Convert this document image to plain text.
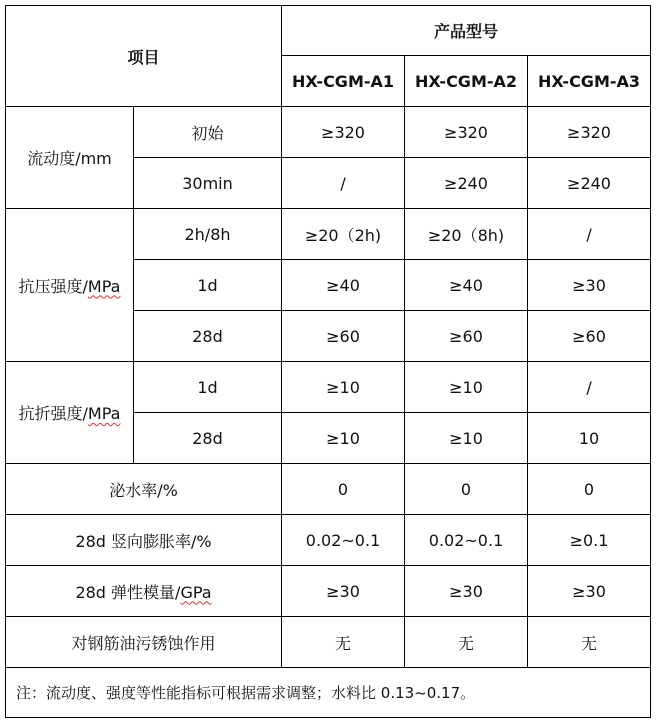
项目		产品型号		
		HX-CGM-A1	HX-CGM-A2	HX-CGM-A3
流动度/mm	初始	≥320	≥320	≥320
	30min	/	≥240	≥240
抗压强度/MPa	2h/8h	≥20（2h)	≥20（8h)	/
	1d	≥40	≥40	≥30
	28d	≥60	≥60	≥60
抗折强度/MPa	1d	≥10	≥10	/
	28d	≥10	≥10	10
泌水率/%		0	0	0
28d 竖向膨胀率/%		0.02~0.1	0.02~0.1	≥0.1
28d 弹性模量/GPa		≥30	≥30	≥30
对钢筋油污锈蚀作用		无	无	无
注：流动度、强度等性能指标可根据需求调整；水料比 0.13~0.17。				
